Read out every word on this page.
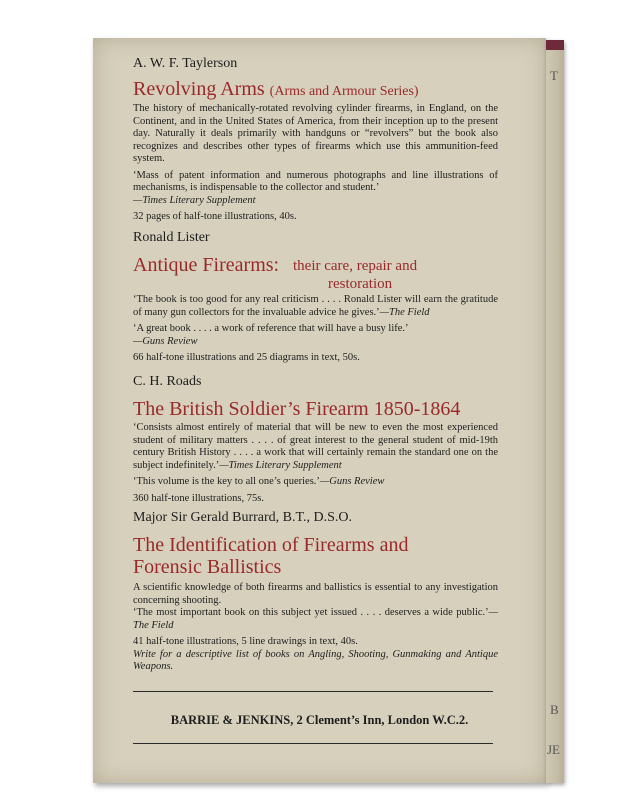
A. W. F. Taylerson
Revolving Arms (Arms and Armour Series)
The history of mechanically-rotated revolving cylinder firearms, in England, on the Continent, and in the United States of America, from their inception up to the present day. Naturally it deals primarily with handguns or “revolvers” but the book also recognizes and describes other types of firearms which use this ammunition-feed system.
‘Mass of patent information and numerous photographs and line illustrations of mechanisms, is indispensable to the collector and student.’
—Times Literary Supplement
32 pages of half-tone illustrations, 40s.
Ronald Lister
Antique Firearms: their care, repair and
restoration
‘The book is too good for any real criticism . . . . Ronald Lister will earn the gratitude of many gun collectors for the invaluable advice he gives.’—The Field
‘A great book . . . . a work of reference that will have a busy life.’
—Guns Review
66 half-tone illustrations and 25 diagrams in text, 50s.
C. H. Roads
The British Soldier’s Firearm 1850-1864
‘Consists almost entirely of material that will be new to even the most experienced student of military matters . . . . of great interest to the general student of mid-19th century British History . . . . a work that will certainly remain the standard one on the subject indefinitely.’—Times Literary Supplement
‘This volume is the key to all one’s queries.’—Guns Review
360 half-tone illustrations, 75s.
Major Sir Gerald Burrard, B.T., D.S.O.
The Identification of Firearms and
Forensic Ballistics
A scientific knowledge of both firearms and ballistics is essential to any investigation concerning shooting.
‘The most important book on this subject yet issued . . . . deserves a wide public.’—The Field
41 half-tone illustrations, 5 line drawings in text, 40s.
Write for a descriptive list of books on Angling, Shooting, Gunmaking and Antique Weapons.
BARRIE & JENKINS, 2 Clement’s Inn, London W.C.2.
T
B
JE
